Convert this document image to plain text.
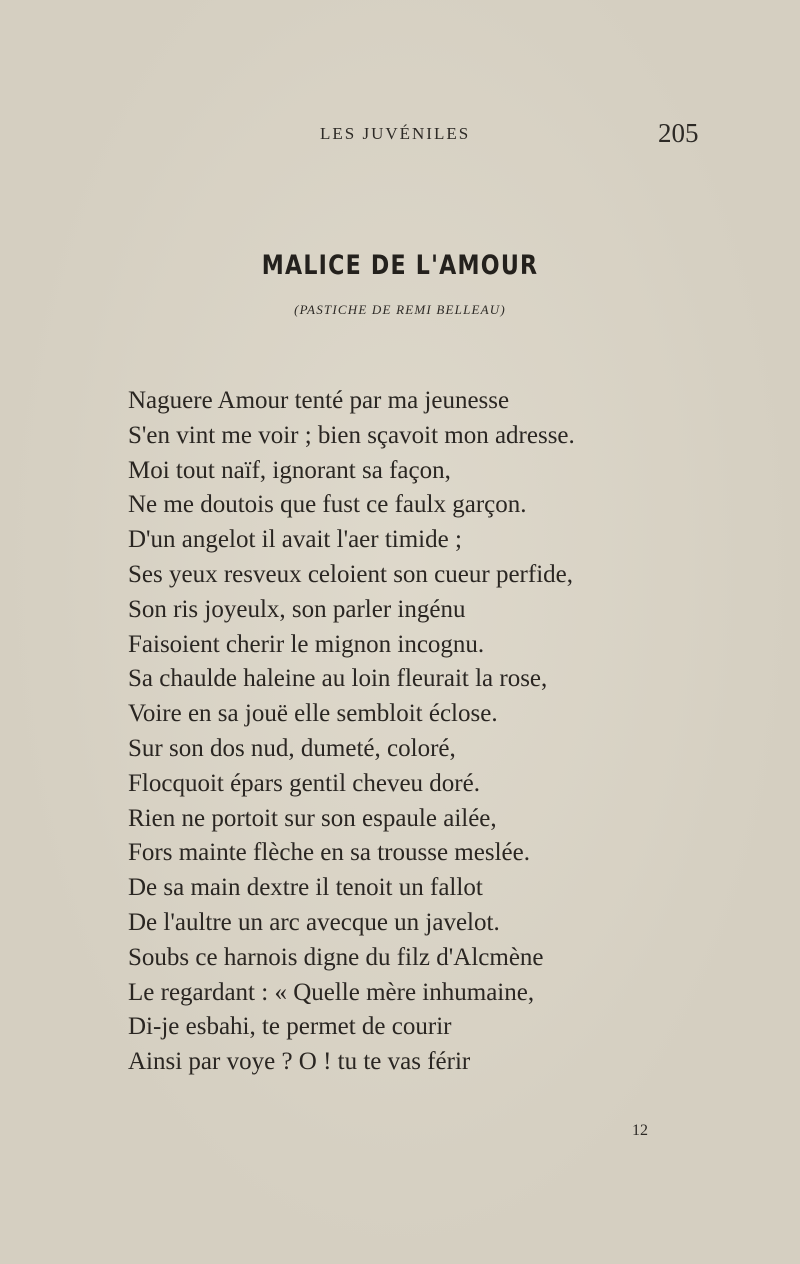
LES JUVÉNILES	205
MALICE DE L'AMOUR
(PASTICHE DE REMI BELLEAU)
Naguere Amour tenté par ma jeunesse
S'en vint me voir ; bien sçavoit mon adresse.
Moi tout naïf, ignorant sa façon,
Ne me doutois que fust ce faulx garçon.
D'un angelot il avait l'aer timide ;
Ses yeux resveux celoient son cueur perfide,
Son ris joyeulx, son parler ingénu
Faisoient cherir le mignon incognu.
Sa chaulde haleine au loin fleurait la rose,
Voire en sa jouë elle sembloit éclose.
Sur son dos nud, dumeté, coloré,
Flocquoit épars gentil cheveu doré.
Rien ne portoit sur son espaule ailée,
Fors mainte flèche en sa trousse meslée.
De sa main dextre il tenoit un fallot
De l'aultre un arc avecque un javelot.
Soubs ce harnois digne du filz d'Alcmène
Le regardant : « Quelle mère inhumaine,
Di-je esbahi, te permet de courir
Ainsi par voye ? O ! tu te vas férir
12
